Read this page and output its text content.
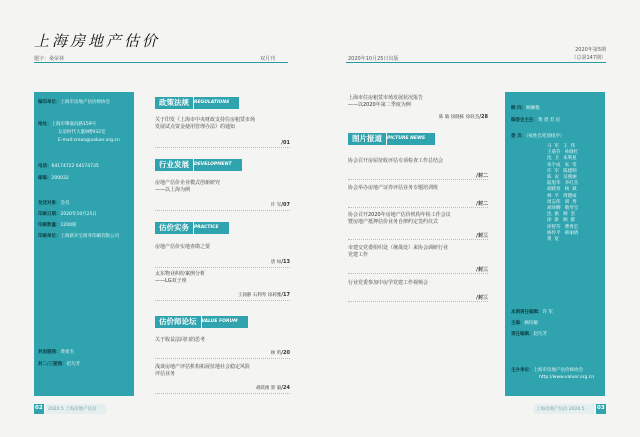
上海房地产估价
题字：桑荣林	双月刊	2020年10月25日出版
2020年第5期
（总第147期）
编印单位：上海市房地产估价师协会
地址：上海市肇嘉浜路159号
友谊时代大厦9楼932室
E-mail:sreaa@valuer.org.cn
电话：64174722 64174735
邮编：200032
发送对象：会员
印刷日期：2020年10月25日
印刷数量：1200册
印刷单位：上海新开宝商务印刷有限公司
封面题图：黄希杰
封二/三题图：赵巧芳
政策法规	REGULATIONS
关于印发《上海市中央财政支持住房租赁市场
发展试点资金使用管理办法》的通知
/01
行业发展	DEVELOPMENT
房地产估价企业模式创新研究
——以上海为例
许 军/07
估价实务	PRACTICE
房地产估价实地查勘之要
唐 如/13
太东物业纠纷案例分析
——LG双子座
王润静 石利琴 徐莉雅/17
估价师论坛	VALUE FORUM
关于收益法回归的思考
林 昕/20
浅谈房地产评估机构拓展征地社会稳定风险
评估业务
胡跃俊 郭 毅/24
上海市住房租赁市场发展状况报告
——以2020年第二季度为例
陈 敏 徐晓栋 徐轶杰/28
图片报道	PICTURE NEWS
协会召开房屋征收评估专项检查工作总结会
/封二
协会举办房地产证券评估业务专题培训班
/封二
协会召开2020年房地产估价机构年检工作会议
暨房地产抵押估价业务自律约定签约仪式
/封三
市建交党委组织处（统战处）来协会调研行业
党建工作
/封三
行业党委参加中房学党建工作视频会
/封三
顾 问：顾佩根
编委会主任：黄 赟 苏 民
委 员：（按姓氏笔划排序）
马  军   王  伟
王菊芬   孙晓红
沈  卫   朱利星
朱宇成   朱  雯
许  军   陈建明
陈  安   吴燕丽
陆旭华   李红杰
胡晓春   杨  斌
林  平   周德成
周志伟   胡  秀
胡珍聊   敬琴宝
沈  旗   顾  坚
徐  新   顾  群
徐智芬   曹秀宏
杨传平   韩丽倩
黄  宽
本期责任编辑：许 军
主编：顾均敏
责任编辑：赵巧芳
主办单位：上海市房地产估价师协会
http://www.valuer.org.cn
02 2020.5 上海房地产估价	上海房地产估价 2020.5 03
